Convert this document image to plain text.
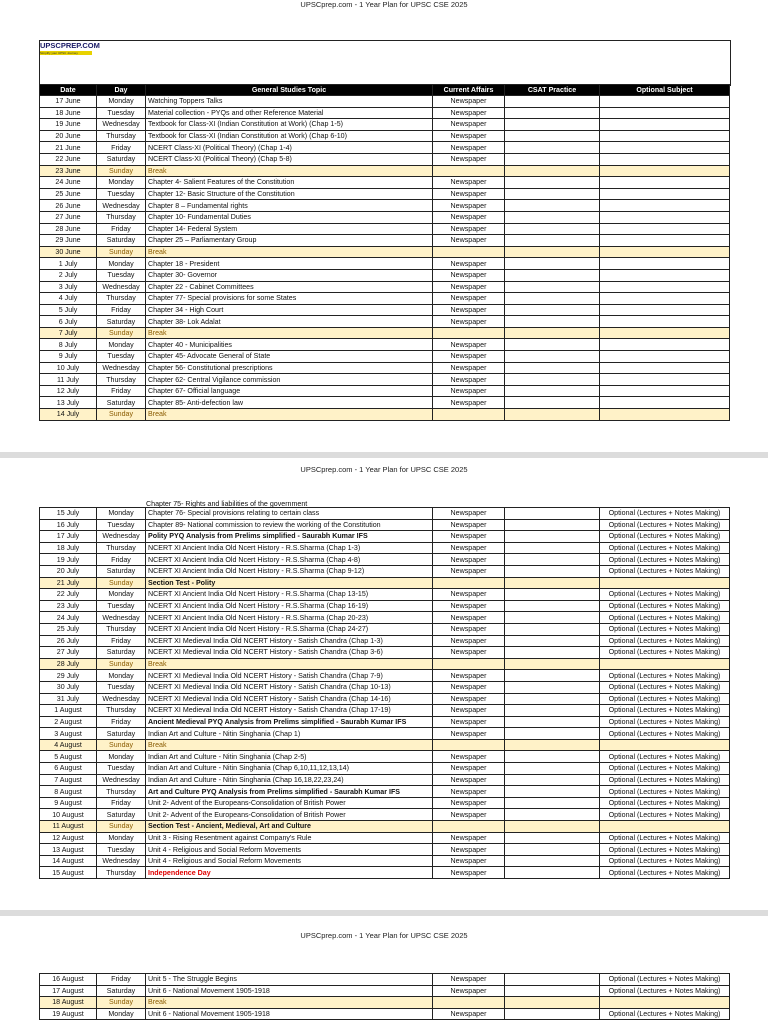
UPSCprep.com - 1 Year Plan for UPSC CSE 2025
UPSCPREP.COM
Simplify your UPSC Journey
Date	Day	General Studies Topic	Current Affairs	CSAT Practice	Optional Subject
17 June	Monday	Watching Toppers Talks	Newspaper		
18 June	Tuesday	Material collection - PYQs and other Reference Material	Newspaper		
19 June	Wednesday	Textbook for Class-XI (Indian Constitution at Work) (Chap 1-5)	Newspaper		
20 June	Thursday	Textbook for Class-XI (Indian Constitution at Work) (Chap 6-10)	Newspaper		
21 June	Friday	NCERT Class-XI (Political Theory) (Chap 1-4)	Newspaper		
22 June	Saturday	NCERT Class-XI (Political Theory) (Chap 5-8)	Newspaper		
23 June	Sunday	Break			
24 June	Monday	Chapter 4- Salient Features of the Constitution	Newspaper		
25 June	Tuesday	Chapter 12- Basic Structure of the Constitution	Newspaper		
26 June	Wednesday	Chapter 8 – Fundamental rights	Newspaper		
27 June	Thursday	Chapter 10- Fundamental Duties	Newspaper		
28 June	Friday	Chapter 14- Federal System	Newspaper		
29 June	Saturday	Chapter 25 – Parliamentary Group	Newspaper		
30 June	Sunday	Break			
1 July	Monday	Chapter 18 - President	Newspaper		
2 July	Tuesday	Chapter 30- Governor	Newspaper		
3 July	Wednesday	Chapter 22 - Cabinet Committees	Newspaper		
4 July	Thursday	Chapter 77- Special provisions for some States	Newspaper		
5 July	Friday	Chapter 34 - High Court	Newspaper		
6 July	Saturday	Chapter 38- Lok Adalat	Newspaper		
7 July	Sunday	Break			
8 July	Monday	Chapter 40 - Municipalities	Newspaper		
9 July	Tuesday	Chapter 45- Advocate General of State	Newspaper		
10 July	Wednesday	Chapter 56- Constitutional prescriptions	Newspaper		
11 July	Thursday	Chapter 62- Central Vigilance commission	Newspaper		
12 July	Friday	Chapter 67- Official language	Newspaper		
13 July	Saturday	Chapter 85- Anti-defection law	Newspaper		
14 July	Sunday	Break			
UPSCprep.com - 1 Year Plan for UPSC CSE 2025
Chapter 75- Rights and liabilities of the government
15 July	Monday	Chapter 76- Special provisions relating to certain class	Newspaper		Optional (Lectures + Notes Making)
16 July	Tuesday	Chapter 89- National commission to review the working of the Constitution	Newspaper		Optional (Lectures + Notes Making)
17 July	Wednesday	Polity PYQ Analysis from Prelims simplified - Saurabh Kumar IFS	Newspaper		Optional (Lectures + Notes Making)
18 July	Thursday	NCERT XI Ancient India Old Ncert History - R.S.Sharma (Chap 1-3)	Newspaper		Optional (Lectures + Notes Making)
19 July	Friday	NCERT XI Ancient India Old Ncert History - R.S.Sharma (Chap 4-8)	Newspaper		Optional (Lectures + Notes Making)
20 July	Saturday	NCERT XI Ancient India Old Ncert History - R.S.Sharma (Chap 9-12)	Newspaper		Optional (Lectures + Notes Making)
21 July	Sunday	Section Test - Polity			
22 July	Monday	NCERT XI Ancient India Old Ncert History - R.S.Sharma (Chap 13-15)	Newspaper		Optional (Lectures + Notes Making)
23 July	Tuesday	NCERT XI Ancient India Old Ncert History - R.S.Sharma (Chap 16-19)	Newspaper		Optional (Lectures + Notes Making)
24 July	Wednesday	NCERT XI Ancient India Old Ncert History - R.S.Sharma (Chap 20-23)	Newspaper		Optional (Lectures + Notes Making)
25 July	Thursday	NCERT XI Ancient India Old Ncert History - R.S.Sharma (Chap 24-27)	Newspaper		Optional (Lectures + Notes Making)
26 July	Friday	NCERT XI Medieval India Old NCERT History - Satish Chandra (Chap 1-3)	Newspaper		Optional (Lectures + Notes Making)
27 July	Saturday	NCERT XI Medieval India Old NCERT History - Satish Chandra (Chap 3-6)	Newspaper		Optional (Lectures + Notes Making)
28 July	Sunday	Break			
29 July	Monday	NCERT XI Medieval India Old NCERT History - Satish Chandra (Chap 7-9)	Newspaper		Optional (Lectures + Notes Making)
30 July	Tuesday	NCERT XI Medieval India Old NCERT History - Satish Chandra (Chap 10-13)	Newspaper		Optional (Lectures + Notes Making)
31 July	Wednesday	NCERT XI Medieval India Old NCERT History - Satish Chandra (Chap 14-16)	Newspaper		Optional (Lectures + Notes Making)
1 August	Thursday	NCERT XI Medieval India Old NCERT History - Satish Chandra (Chap 17-19)	Newspaper		Optional (Lectures + Notes Making)
2 August	Friday	Ancient Medieval PYQ Analysis from Prelims simplified - Saurabh Kumar IFS	Newspaper		Optional (Lectures + Notes Making)
3 August	Saturday	Indian Art and Culture - Nitin Singhania (Chap 1)	Newspaper		Optional (Lectures + Notes Making)
4 August	Sunday	Break			
5 August	Monday	Indian Art and Culture - Nitin Singhania (Chap 2-5)	Newspaper		Optional (Lectures + Notes Making)
6 August	Tuesday	Indian Art and Culture - Nitin Singhania (Chap 6,10,11,12,13,14)	Newspaper		Optional (Lectures + Notes Making)
7 August	Wednesday	Indian Art and Culture - Nitin Singhania (Chap 16,18,22,23,24)	Newspaper		Optional (Lectures + Notes Making)
8 August	Thursday	Art and Culture PYQ Analysis from Prelims simplified - Saurabh Kumar IFS	Newspaper		Optional (Lectures + Notes Making)
9 August	Friday	Unit 2- Advent of the Europeans-Consolidation of British Power	Newspaper		Optional (Lectures + Notes Making)
10 August	Saturday	Unit 2- Advent of the Europeans-Consolidation of British Power	Newspaper		Optional (Lectures + Notes Making)
11 August	Sunday	Section Test - Ancient, Medieval, Art and Culture			
12 August	Monday	Unit 3 - Rising Resentment against Company's Rule	Newspaper		Optional (Lectures + Notes Making)
13 August	Tuesday	Unit 4 - Religious and Social Reform Movements	Newspaper		Optional (Lectures + Notes Making)
14 August	Wednesday	Unit 4 - Religious and Social Reform Movements	Newspaper		Optional (Lectures + Notes Making)
15 August	Thursday	Independence Day	Newspaper		Optional (Lectures + Notes Making)
UPSCprep.com - 1 Year Plan for UPSC CSE 2025
16 August	Friday	Unit 5 - The Struggle Begins	Newspaper		Optional (Lectures + Notes Making)
17 August	Saturday	Unit 6 - National Movement 1905-1918	Newspaper		Optional (Lectures + Notes Making)
18 August	Sunday	Break			
19 August	Monday	Unit 6 - National Movement 1905-1918	Newspaper		Optional (Lectures + Notes Making)
